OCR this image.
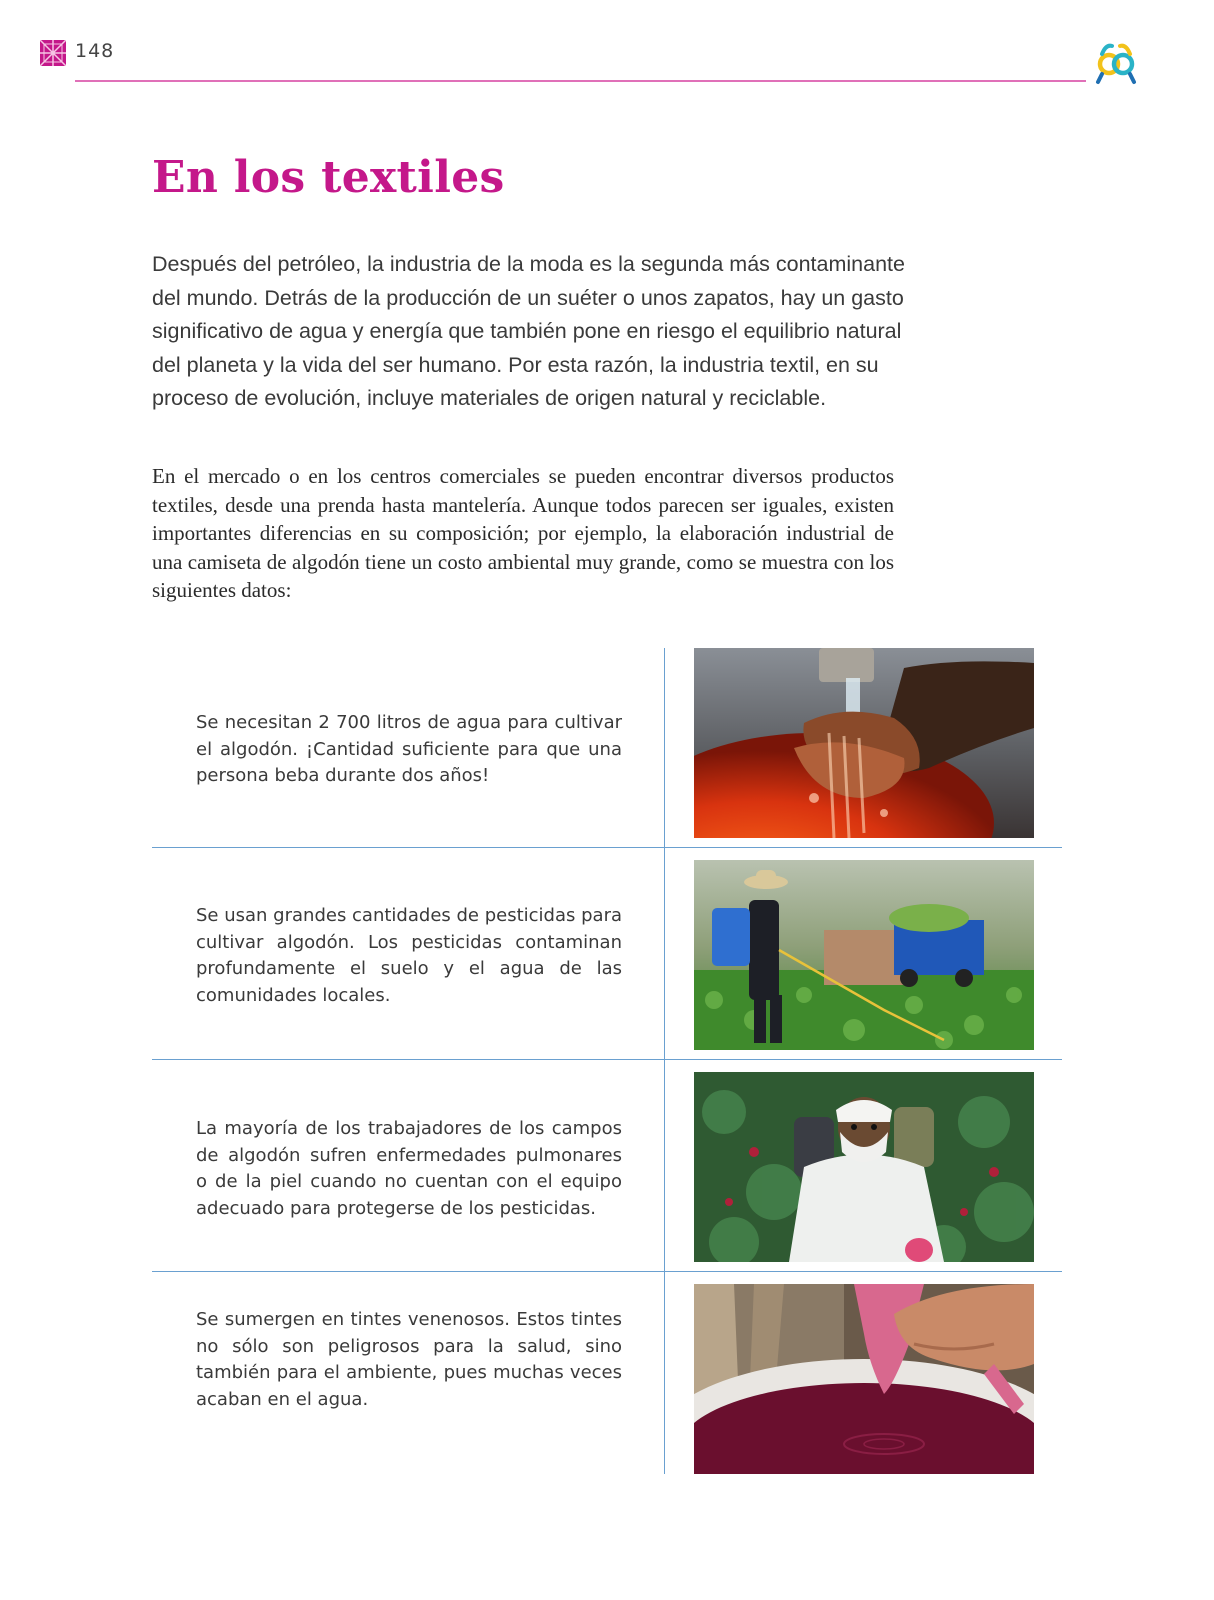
148
En los textiles

Después del petróleo, la industria de la moda es la segunda más contaminante del mundo. Detrás de la producción de un suéter o unos zapatos, hay un gasto significativo de agua y energía que también pone en riesgo el equilibrio natural del planeta y la vida del ser humano. Por esta razón, la industria textil, en su proceso de evolución, incluye materiales de origen natural y reciclable.

En el mercado o en los centros comerciales se pueden encontrar diversos productos textiles, desde una prenda hasta mantelería. Aunque todos parecen ser iguales, existen importantes diferencias en su composición; por ejemplo, la elaboración industrial de una camiseta de algodón tiene un costo ambiental muy grande, como se muestra con los siguientes datos:

Se necesitan 2 700 litros de agua para cultivar el algodón. ¡Cantidad suficiente para que una persona beba durante dos años!

Se usan grandes cantidades de pesticidas para cultivar algodón. Los pesticidas contaminan profundamente el suelo y el agua de las comunidades locales.

La mayoría de los trabajadores de los campos de algodón sufren enfermedades pulmonares o de la piel cuando no cuentan con el equipo adecuado para protegerse de los pesticidas.

Se sumergen en tintes venenosos. Estos tintes no sólo son peligrosos para la salud, sino también para el ambiente, pues muchas veces acaban en el agua.
